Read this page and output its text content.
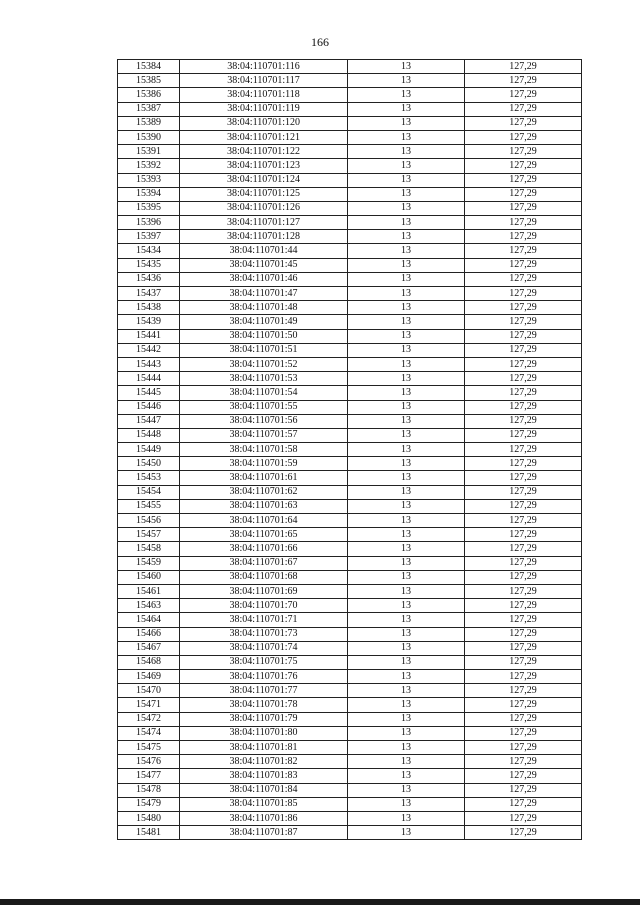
166
15384	38:04:110701:116	13	127,29
15385	38:04:110701:117	13	127,29
15386	38:04:110701:118	13	127,29
15387	38:04:110701:119	13	127,29
15389	38:04:110701:120	13	127,29
15390	38:04:110701:121	13	127,29
15391	38:04:110701:122	13	127,29
15392	38:04:110701:123	13	127,29
15393	38:04:110701:124	13	127,29
15394	38:04:110701:125	13	127,29
15395	38:04:110701:126	13	127,29
15396	38:04:110701:127	13	127,29
15397	38:04:110701:128	13	127,29
15434	38:04:110701:44	13	127,29
15435	38:04:110701:45	13	127,29
15436	38:04:110701:46	13	127,29
15437	38:04:110701:47	13	127,29
15438	38:04:110701:48	13	127,29
15439	38:04:110701:49	13	127,29
15441	38:04:110701:50	13	127,29
15442	38:04:110701:51	13	127,29
15443	38:04:110701:52	13	127,29
15444	38:04:110701:53	13	127,29
15445	38:04:110701:54	13	127,29
15446	38:04:110701:55	13	127,29
15447	38:04:110701:56	13	127,29
15448	38:04:110701:57	13	127,29
15449	38:04:110701:58	13	127,29
15450	38:04:110701:59	13	127,29
15453	38:04:110701:61	13	127,29
15454	38:04:110701:62	13	127,29
15455	38:04:110701:63	13	127,29
15456	38:04:110701:64	13	127,29
15457	38:04:110701:65	13	127,29
15458	38:04:110701:66	13	127,29
15459	38:04:110701:67	13	127,29
15460	38:04:110701:68	13	127,29
15461	38:04:110701:69	13	127,29
15463	38:04:110701:70	13	127,29
15464	38:04:110701:71	13	127,29
15466	38:04:110701:73	13	127,29
15467	38:04:110701:74	13	127,29
15468	38:04:110701:75	13	127,29
15469	38:04:110701:76	13	127,29
15470	38:04:110701:77	13	127,29
15471	38:04:110701:78	13	127,29
15472	38:04:110701:79	13	127,29
15474	38:04:110701:80	13	127,29
15475	38:04:110701:81	13	127,29
15476	38:04:110701:82	13	127,29
15477	38:04:110701:83	13	127,29
15478	38:04:110701:84	13	127,29
15479	38:04:110701:85	13	127,29
15480	38:04:110701:86	13	127,29
15481	38:04:110701:87	13	127,29
